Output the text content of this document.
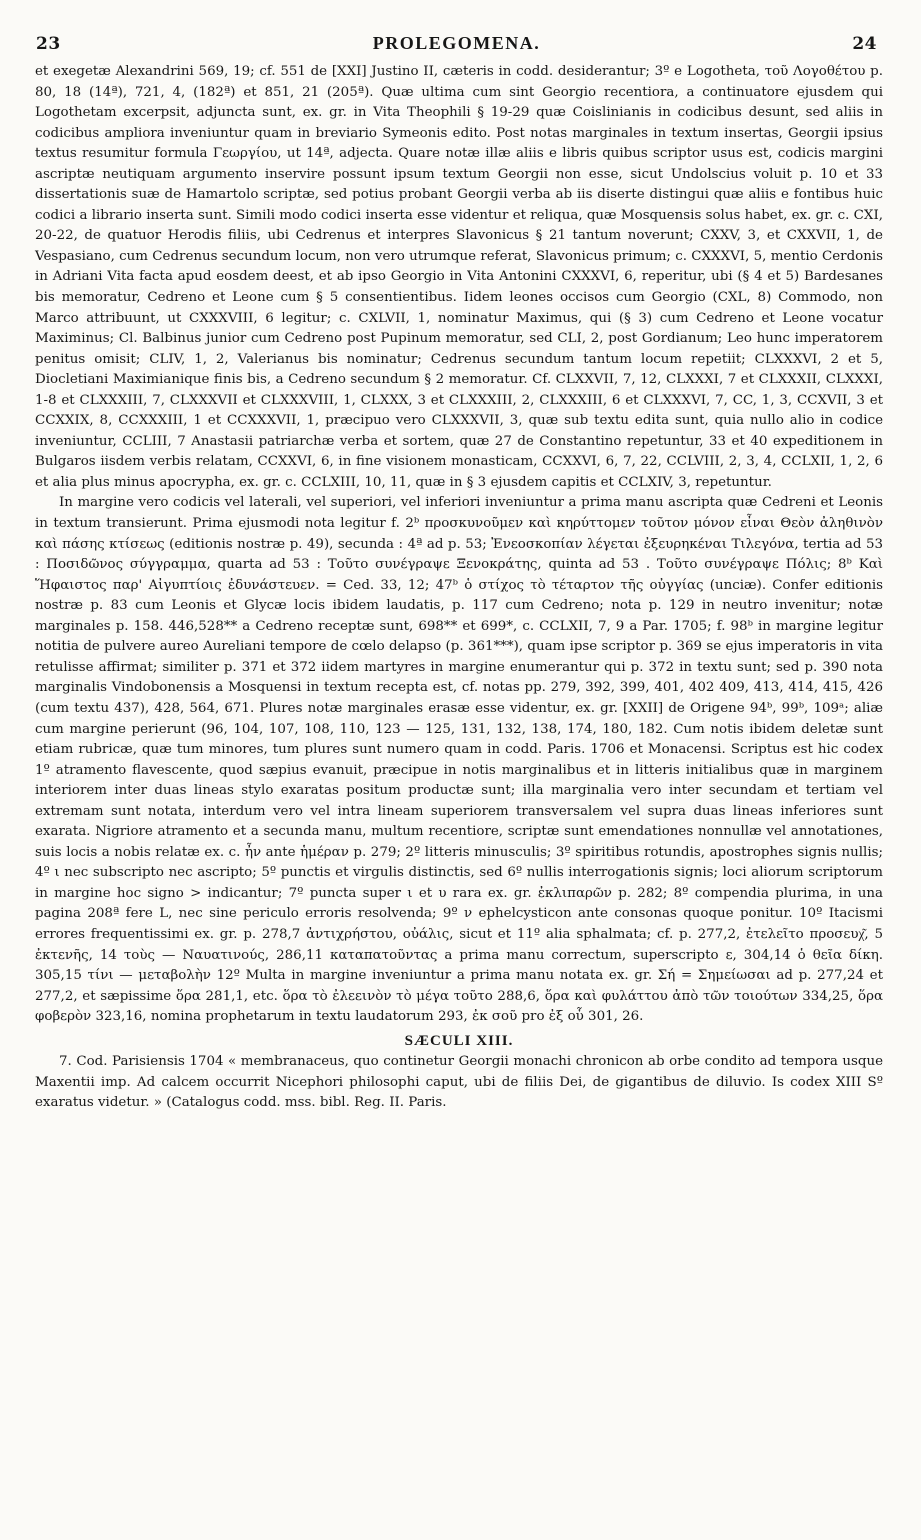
23	PROLEGOMENA.	24

et exegetæ Alexandrini 569, 19; cf. 551 de [XXI] Justino II, cæteris in codd. desiderantur; 3º e Logotheta, τοῦ Λογοθέτου p. 80, 18 (14ª), 721, 4, (182ª) et 851, 21 (205ª). Quæ ultima cum sint Georgio recentiora, a continuatore ejusdem qui Logothetam excerpsit, adjuncta sunt, ex. gr. in Vita Theophili § 19-29 quæ Coislinianis in codicibus desunt, sed aliis in codicibus ampliora inveniuntur quam in breviario Symeonis edito. Post notas marginales in textum insertas, Georgii ipsius textus resumitur formula Γεωργίου, ut 14ª, adjecta. Quare notæ illæ aliis e libris quibus scriptor usus est, codicis margini ascriptæ neutiquam argumento inservire possunt ipsum textum Georgii non esse, sicut Undolscius voluit p. 10 et 33 dissertationis suæ de Hamartolo scriptæ, sed potius probant Georgii verba ab iis diserte distingui quæ aliis e fontibus huic codici a librario inserta sunt. Simili modo codici inserta esse videntur et reliqua, quæ Mosquensis solus habet, ex. gr. c. CXI, 20-22, de quatuor Herodis filiis, ubi Cedrenus et interpres Slavonicus § 21 tantum noverunt; CXXV, 3, et CXXVII, 1, de Vespasiano, cum Cedrenus secundum locum, non vero utrumque referat, Slavonicus primum; c. CXXXVI, 5, mentio Cerdonis in Adriani Vita facta apud eosdem deest, et ab ipso Georgio in Vita Antonini CXXXVI, 6, reperitur, ubi (§ 4 et 5) Bardesanes bis memoratur, Cedreno et Leone cum § 5 consentientibus. Iidem leones occisos cum Georgio (CXL, 8) Commodo, non Marco attribuunt, ut CXXXVIII, 6 legitur; c. CXLVII, 1, nominatur Maximus, qui (§ 3) cum Cedreno et Leone vocatur Maximinus; Cl. Balbinus junior cum Cedreno post Pupinum memoratur, sed CLI, 2, post Gordianum; Leo hunc imperatorem penitus omisit; CLIV, 1, 2, Valerianus bis nominatur; Cedrenus secundum tantum locum repetiit; CLXXXVI, 2 et 5, Diocletiani Maximianique finis bis, a Cedreno secundum § 2 memoratur. Cf. CLXXVII, 7, 12, CLXXXI, 7 et CLXXXII, CLXXXI, 1-8 et CLXXXIII, 7, CLXXXVII et CLXXXVIII, 1, CLXXX, 3 et CLXXXIII, 2, CLXXXIII, 6 et CLXXXVI, 7, CC, 1, 3, CCXVII, 3 et CCXXIX, 8, CCXXXIII, 1 et CCXXXVII, 1, præcipuo vero CLXXXVII, 3, quæ sub textu edita sunt, quia nullo alio in codice inveniuntur, CCLIII, 7 Anastasii patriarchæ verba et sortem, quæ 27 de Constantino repetuntur, 33 et 40 expeditionem in Bulgaros iisdem verbis relatam, CCXXVI, 6, in fine visionem monasticam, CCXXVI, 6, 7, 22, CCLVIII, 2, 3, 4, CCLXII, 1, 2, 6 et alia plus minus apocrypha, ex. gr. c. CCLXIII, 10, 11, quæ in § 3 ejusdem capitis et CCLXIV, 3, repetuntur.

In margine vero codicis vel laterali, vel superiori, vel inferiori inveniuntur a prima manu ascripta quæ Cedreni et Leonis in textum transierunt. Prima ejusmodi nota legitur f. 2ᵇ προσκυνοῦμεν καὶ κηρύττομεν τοῦτον μόνον εἶναι Θεὸν ἀληθινὸν καὶ πάσης κτίσεως (editionis nostræ p. 49), secunda : 4ª ad p. 53; Ἐνεοσκοπίαν λέγεται ἐξευρηκέναι Τιλεγόνα, tertia ad 53 : Ποσιδῶνος σύγγραμμα, quarta ad 53 : Τοῦτο συνέγραψε Ξενοκράτης, quinta ad 53 . Τοῦτο συνέγραψε Πόλις; 8ᵇ Καὶ Ἥφαιστος παρ' Αἰγυπτίοις ἐδυνάστευεν. = Ced. 33, 12; 47ᵇ ὁ στίχος τὸ τέταρτον τῆς οὐγγίας (unciæ). Confer editionis nostræ p. 83 cum Leonis et Glycæ locis ibidem laudatis, p. 117 cum Cedreno; nota p. 129 in neutro invenitur; notæ marginales p. 158. 446,528** a Cedreno receptæ sunt, 698** et 699*, c. CCLXII, 7, 9 a Par. 1705; f. 98ᵇ in margine legitur notitia de pulvere aureo Aureliani tempore de cœlo delapso (p. 361***), quam ipse scriptor p. 369 se ejus imperatoris in vita retulisse affirmat; similiter p. 371 et 372 iidem martyres in margine enumerantur qui p. 372 in textu sunt; sed p. 390 nota marginalis Vindobonensis a Mosquensi in textum recepta est, cf. notas pp. 279, 392, 399, 401, 402 409, 413, 414, 415, 426 (cum textu 437), 428, 564, 671. Plures notæ marginales erasæ esse videntur, ex. gr. [XXII] de Origene 94ᵇ, 99ᵇ, 109ᵃ; aliæ cum margine perierunt (96, 104, 107, 108, 110, 123 — 125, 131, 132, 138, 174, 180, 182. Cum notis ibidem deletæ sunt etiam rubricæ, quæ tum minores, tum plures sunt numero quam in codd. Paris. 1706 et Monacensi. Scriptus est hic codex 1º atramento flavescente, quod sæpius evanuit, præcipue in notis marginalibus et in litteris initialibus quæ in marginem interiorem inter duas lineas stylo exaratas positum productæ sunt; illa marginalia vero inter secundam et tertiam vel extremam sunt notata, interdum vero vel intra lineam superiorem transversalem vel supra duas lineas inferiores sunt exarata. Nigriore atramento et a secunda manu, multum recentiore, scriptæ sunt emendationes nonnullæ vel annotationes, suis locis a nobis relatæ ex. c. ἦν ante ἡμέραν p. 279; 2º litteris minusculis; 3º spiritibus rotundis, apostrophes signis nullis; 4º ι nec subscripto nec ascripto; 5º punctis et virgulis distinctis, sed 6º nullis interrogationis signis; loci aliorum scriptorum in margine hoc signo > indicantur; 7º puncta super ι et υ rara ex. gr. ἐκλιπαρῶν p. 282; 8º compendia plurima, in una pagina 208ª fere L, nec sine periculo erroris resolvenda; 9º ν ephelcysticon ante consonas quoque ponitur. 10º Itacismi errores frequentissimi ex. gr. p. 278,7 ἀντιχρήστου, οὐάλις, sicut et 11º alia sphalmata; cf. p. 277,2, ἐτελεῖτο προσευχ͂, 5 ἐκτενῆς, 14 τοὺς — Ναυατινούς, 286,11 καταπατοῦντας a prima manu correctum, superscripto ε, 304,14 ὁ θεῖα δίκη. 305,15 τίνι — μεταβολὴν 12º Multa in margine inveniuntur a prima manu notata ex. gr. Σή = Σημείωσαι ad p. 277,24 et 277,2, et sæpissime ὅρα 281,1, etc. ὅρα τὸ ἐλεεινὸν τὸ μέγα τοῦτο 288,6, ὅρα καὶ φυλάττου ἀπὸ τῶν τοιούτων 334,25, ὅρα φοβερὸν 323,16, nomina prophetarum in textu laudatorum 293, ἐκ σοῦ pro ἐξ οὗ 301, 26.

SÆCULI XIII.

7. Cod. Parisiensis 1704 « membranaceus, quo continetur Georgii monachi chronicon ab orbe condito ad tempora usque Maxentii imp. Ad calcem occurrit Nicephori philosophi caput, ubi de filiis Dei, de gigantibus de diluvio. Is codex XIII Sº exaratus videtur. » (Catalogus codd. mss. bibl. Reg. II. Paris.
